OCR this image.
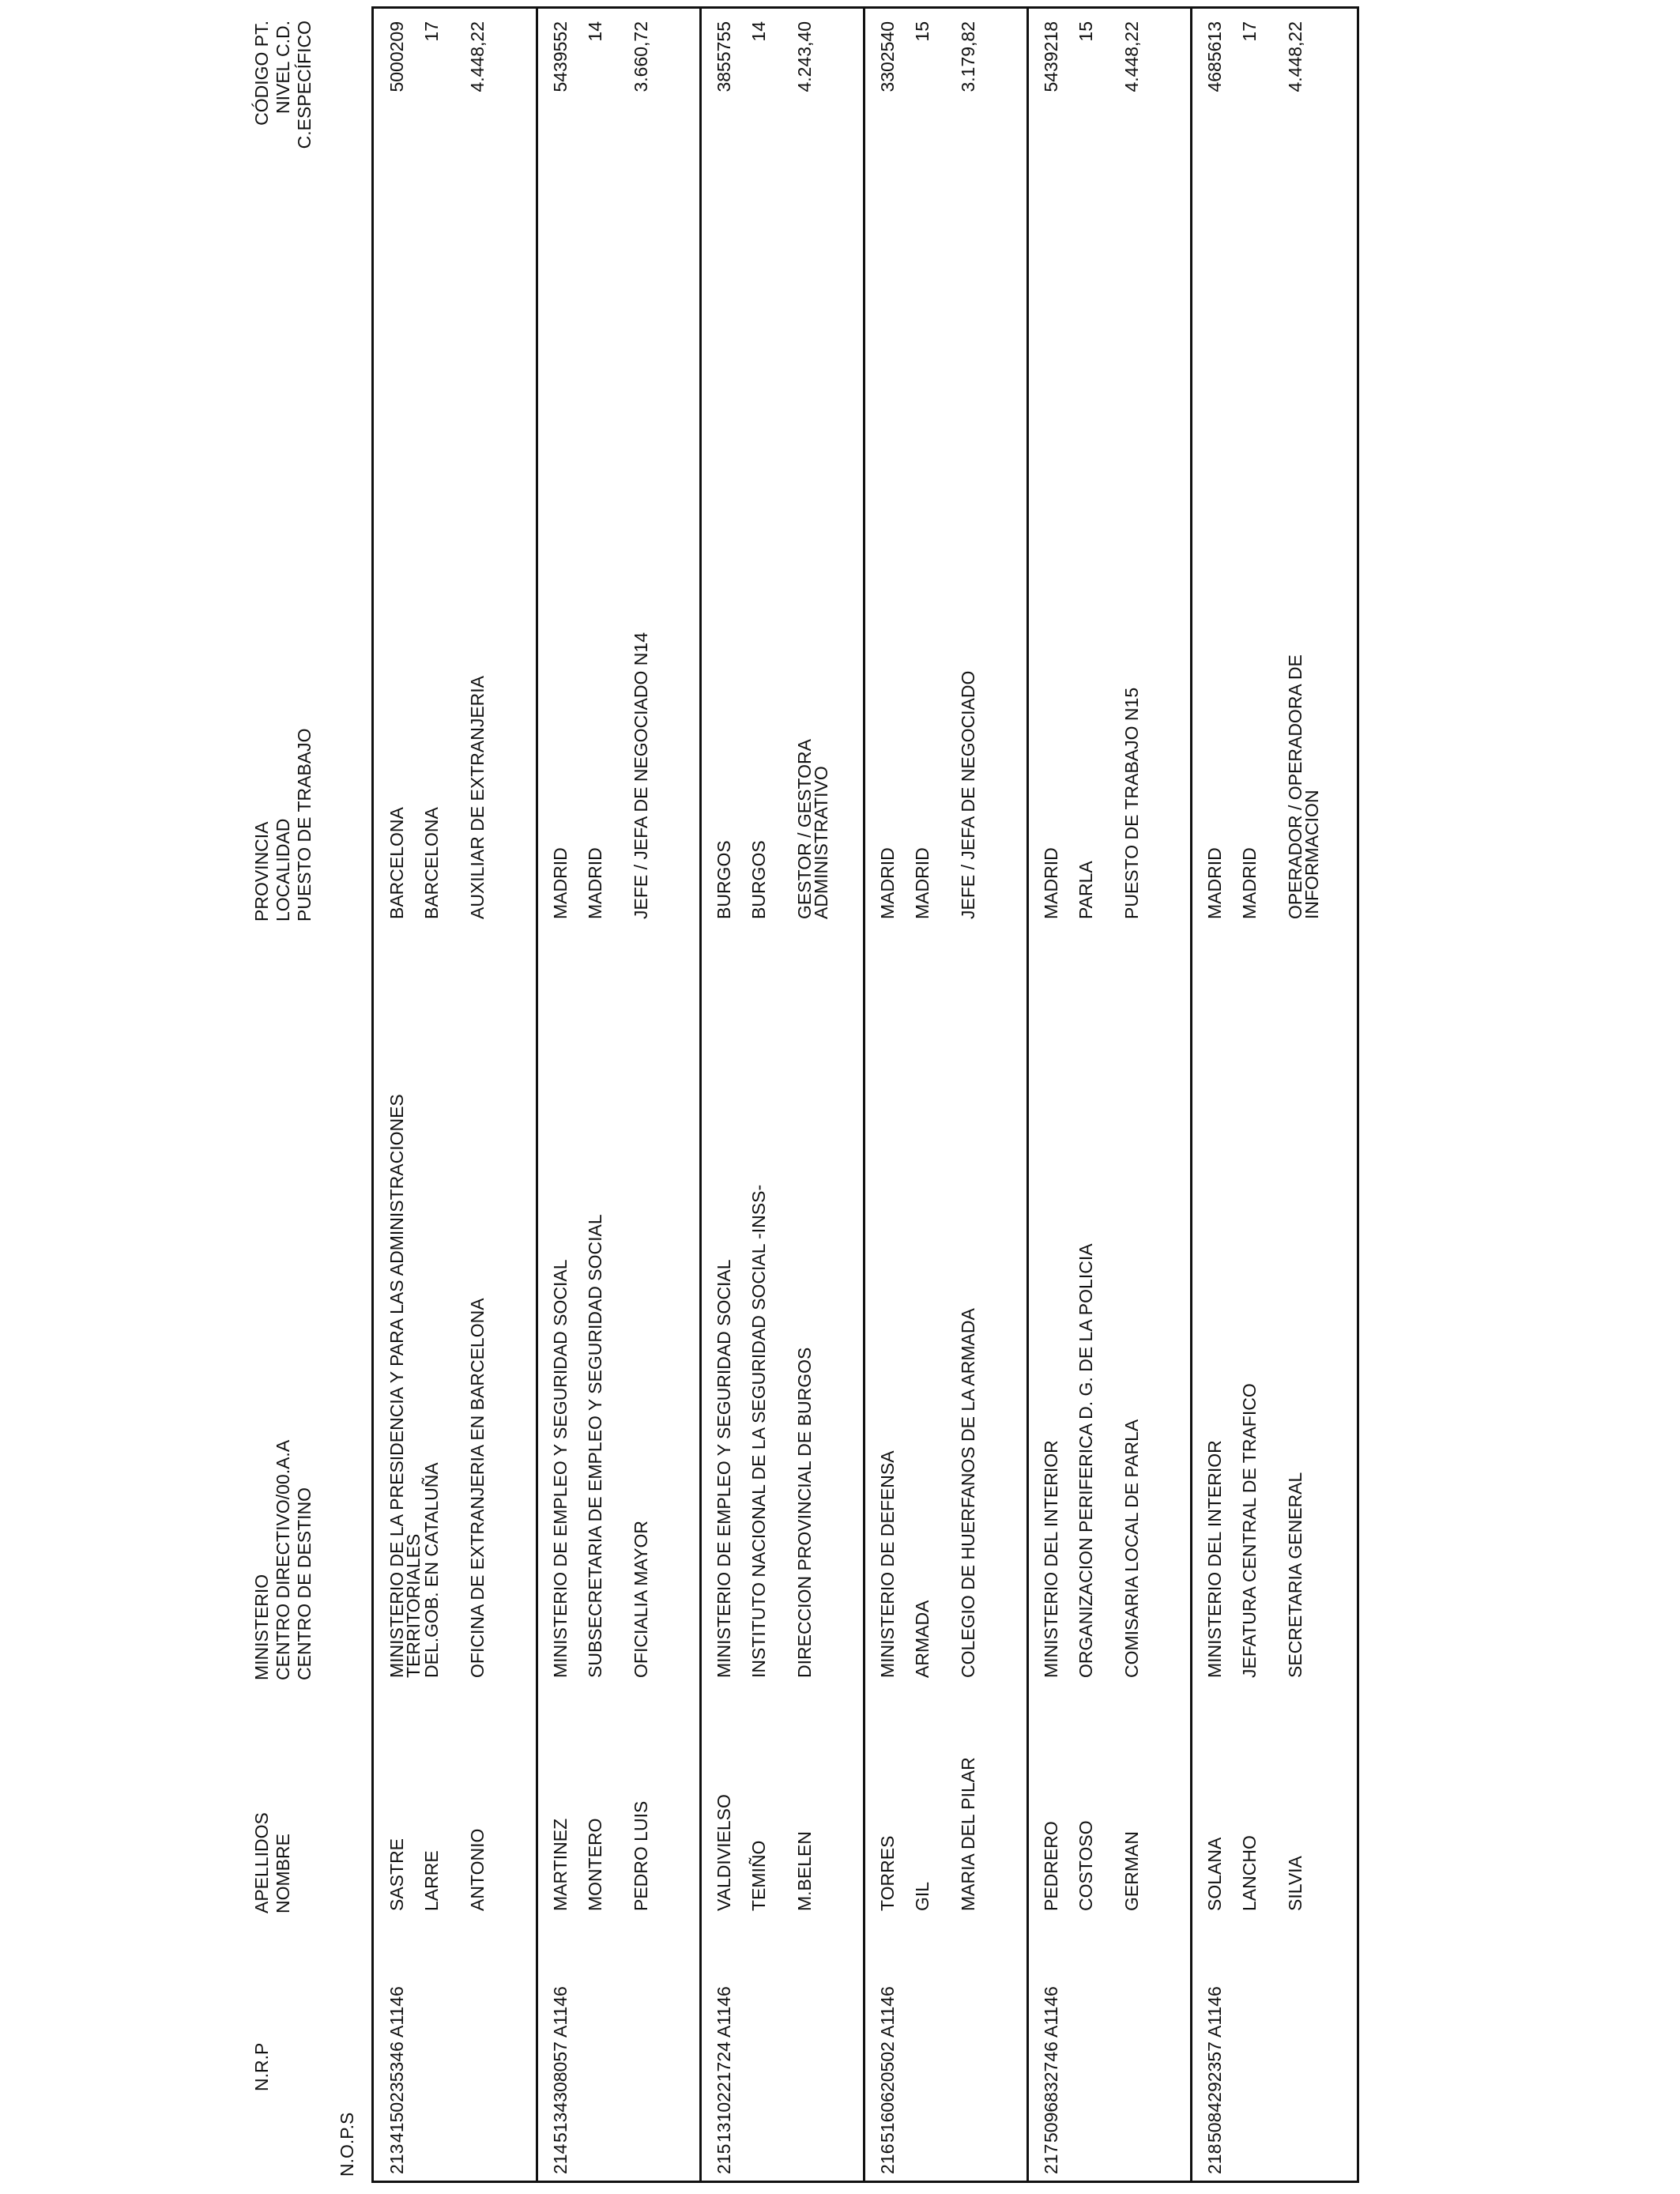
N.O.P.S
N.R.P
APELLIDOS NOMBRE
MINISTERIO CENTRO DIRECTIVO/00.A.A CENTRO DE DESTINO
PROVINCIA LOCALIDAD PUESTO DE TRABAJO
CÓDIGO PT. NIVEL C.D. C.ESPECÍFICO
213
4150235346 A1146
SASTRE LARRE ANTONIO
MINISTERIO DE LA PRESIDENCIA Y PARA LAS ADMINISTRACIONES
TERRITORIALES
DEL.GOB. EN CATALUÑA OFICINA DE EXTRANJERIA EN BARCELONA
BARCELONA BARCELONA AUXILIAR DE EXTRANJERIA
5000209 17 4.448,22
214
5134308057 A1146
MARTINEZ MONTERO PEDRO LUIS
MINISTERIO DE EMPLEO Y SEGURIDAD SOCIAL SUBSECRETARIA DE EMPLEO Y SEGURIDAD SOCIAL OFICIALIA MAYOR
MADRID MADRID JEFE / JEFA DE NEGOCIADO N14
5439552 14 3.660,72
215
1310221724 A1146
VALDIVIELSO TEMIÑO M.BELEN
MINISTERIO DE EMPLEO Y SEGURIDAD SOCIAL INSTITUTO NACIONAL DE LA SEGURIDAD SOCIAL -INSS- DIRECCION PROVINCIAL DE BURGOS
BURGOS BURGOS GESTOR / GESTORA
ADMINISTRATIVO
3855755 14 4.243,40
216
5160620502 A1146
TORRES GIL MARIA DEL PILAR
MINISTERIO DE DEFENSA ARMADA COLEGIO DE HUERFANOS DE LA ARMADA
MADRID MADRID JEFE / JEFA DE NEGOCIADO
3302540 15 3.179,82
217
5096832746 A1146
PEDRERO COSTOSO GERMAN
MINISTERIO DEL INTERIOR ORGANIZACION PERIFERICA D. G. DE LA POLICIA COMISARIA LOCAL DE PARLA
MADRID PARLA PUESTO DE TRABAJO N15
5439218 15 4.448,22
218
5084292357 A1146
SOLANA LANCHO SILVIA
MINISTERIO DEL INTERIOR JEFATURA CENTRAL DE TRAFICO SECRETARIA GENERAL
MADRID MADRID OPERADOR / OPERADORA DE
INFORMACION
4685613 17 4.448,22
